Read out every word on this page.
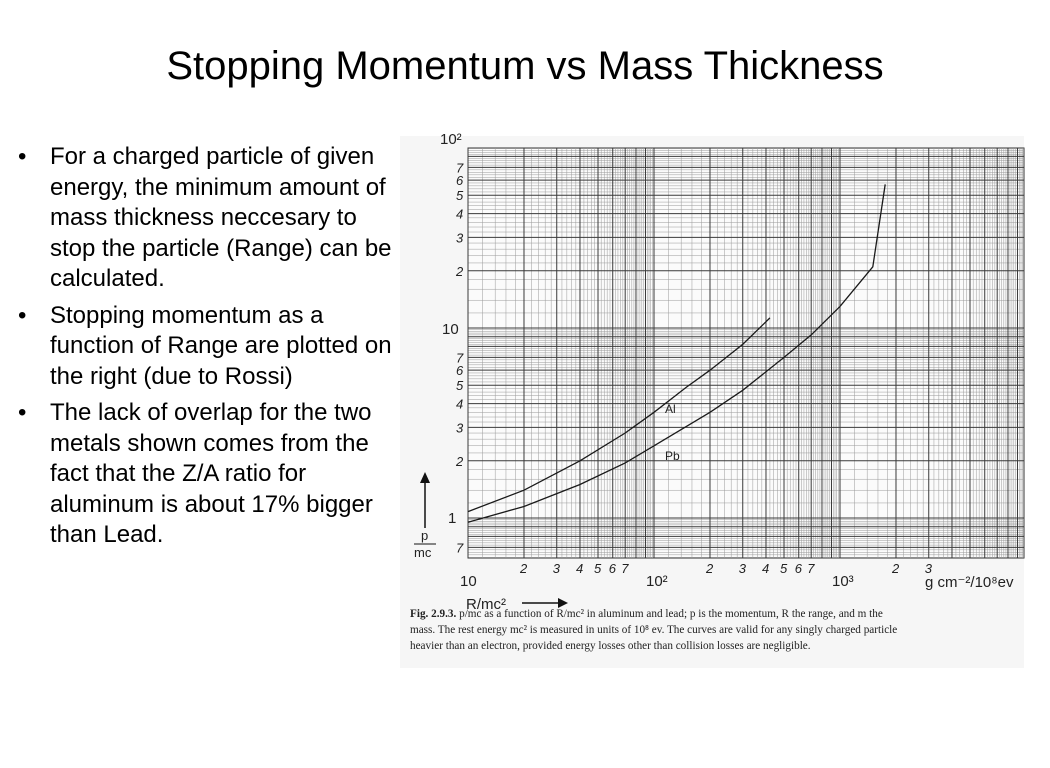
Stopping Momentum vs Mass Thickness
• For a charged particle of given energy, the minimum amount of mass thickness neccesary to stop the particle (Range) can be calculated.
• Stopping momentum as a function of Range are plotted on the right (due to Rossi)
• The lack of overlap for the two metals shown comes from the fact that the Z/A ratio for aluminum is about 17% bigger than Lead.
Al
Pb
1
10
10²
7
2
3
4
5
6
7
2
3
4
5
6
7
10	10²	10³
2 3 4 5 6 7	2 3 4 5 6 7	2 3
g cm⁻²/10⁸ev
R/mc²
p
mc
Fig. 2.9.3. p/mc as a function of R/mc² in aluminum and lead; p is the momentum, R the range, and m the
mass. The rest energy mc² is measured in units of 10⁸ ev. The curves are valid for any singly charged particle
heavier than an electron, provided energy losses other than collision losses are negligible.
